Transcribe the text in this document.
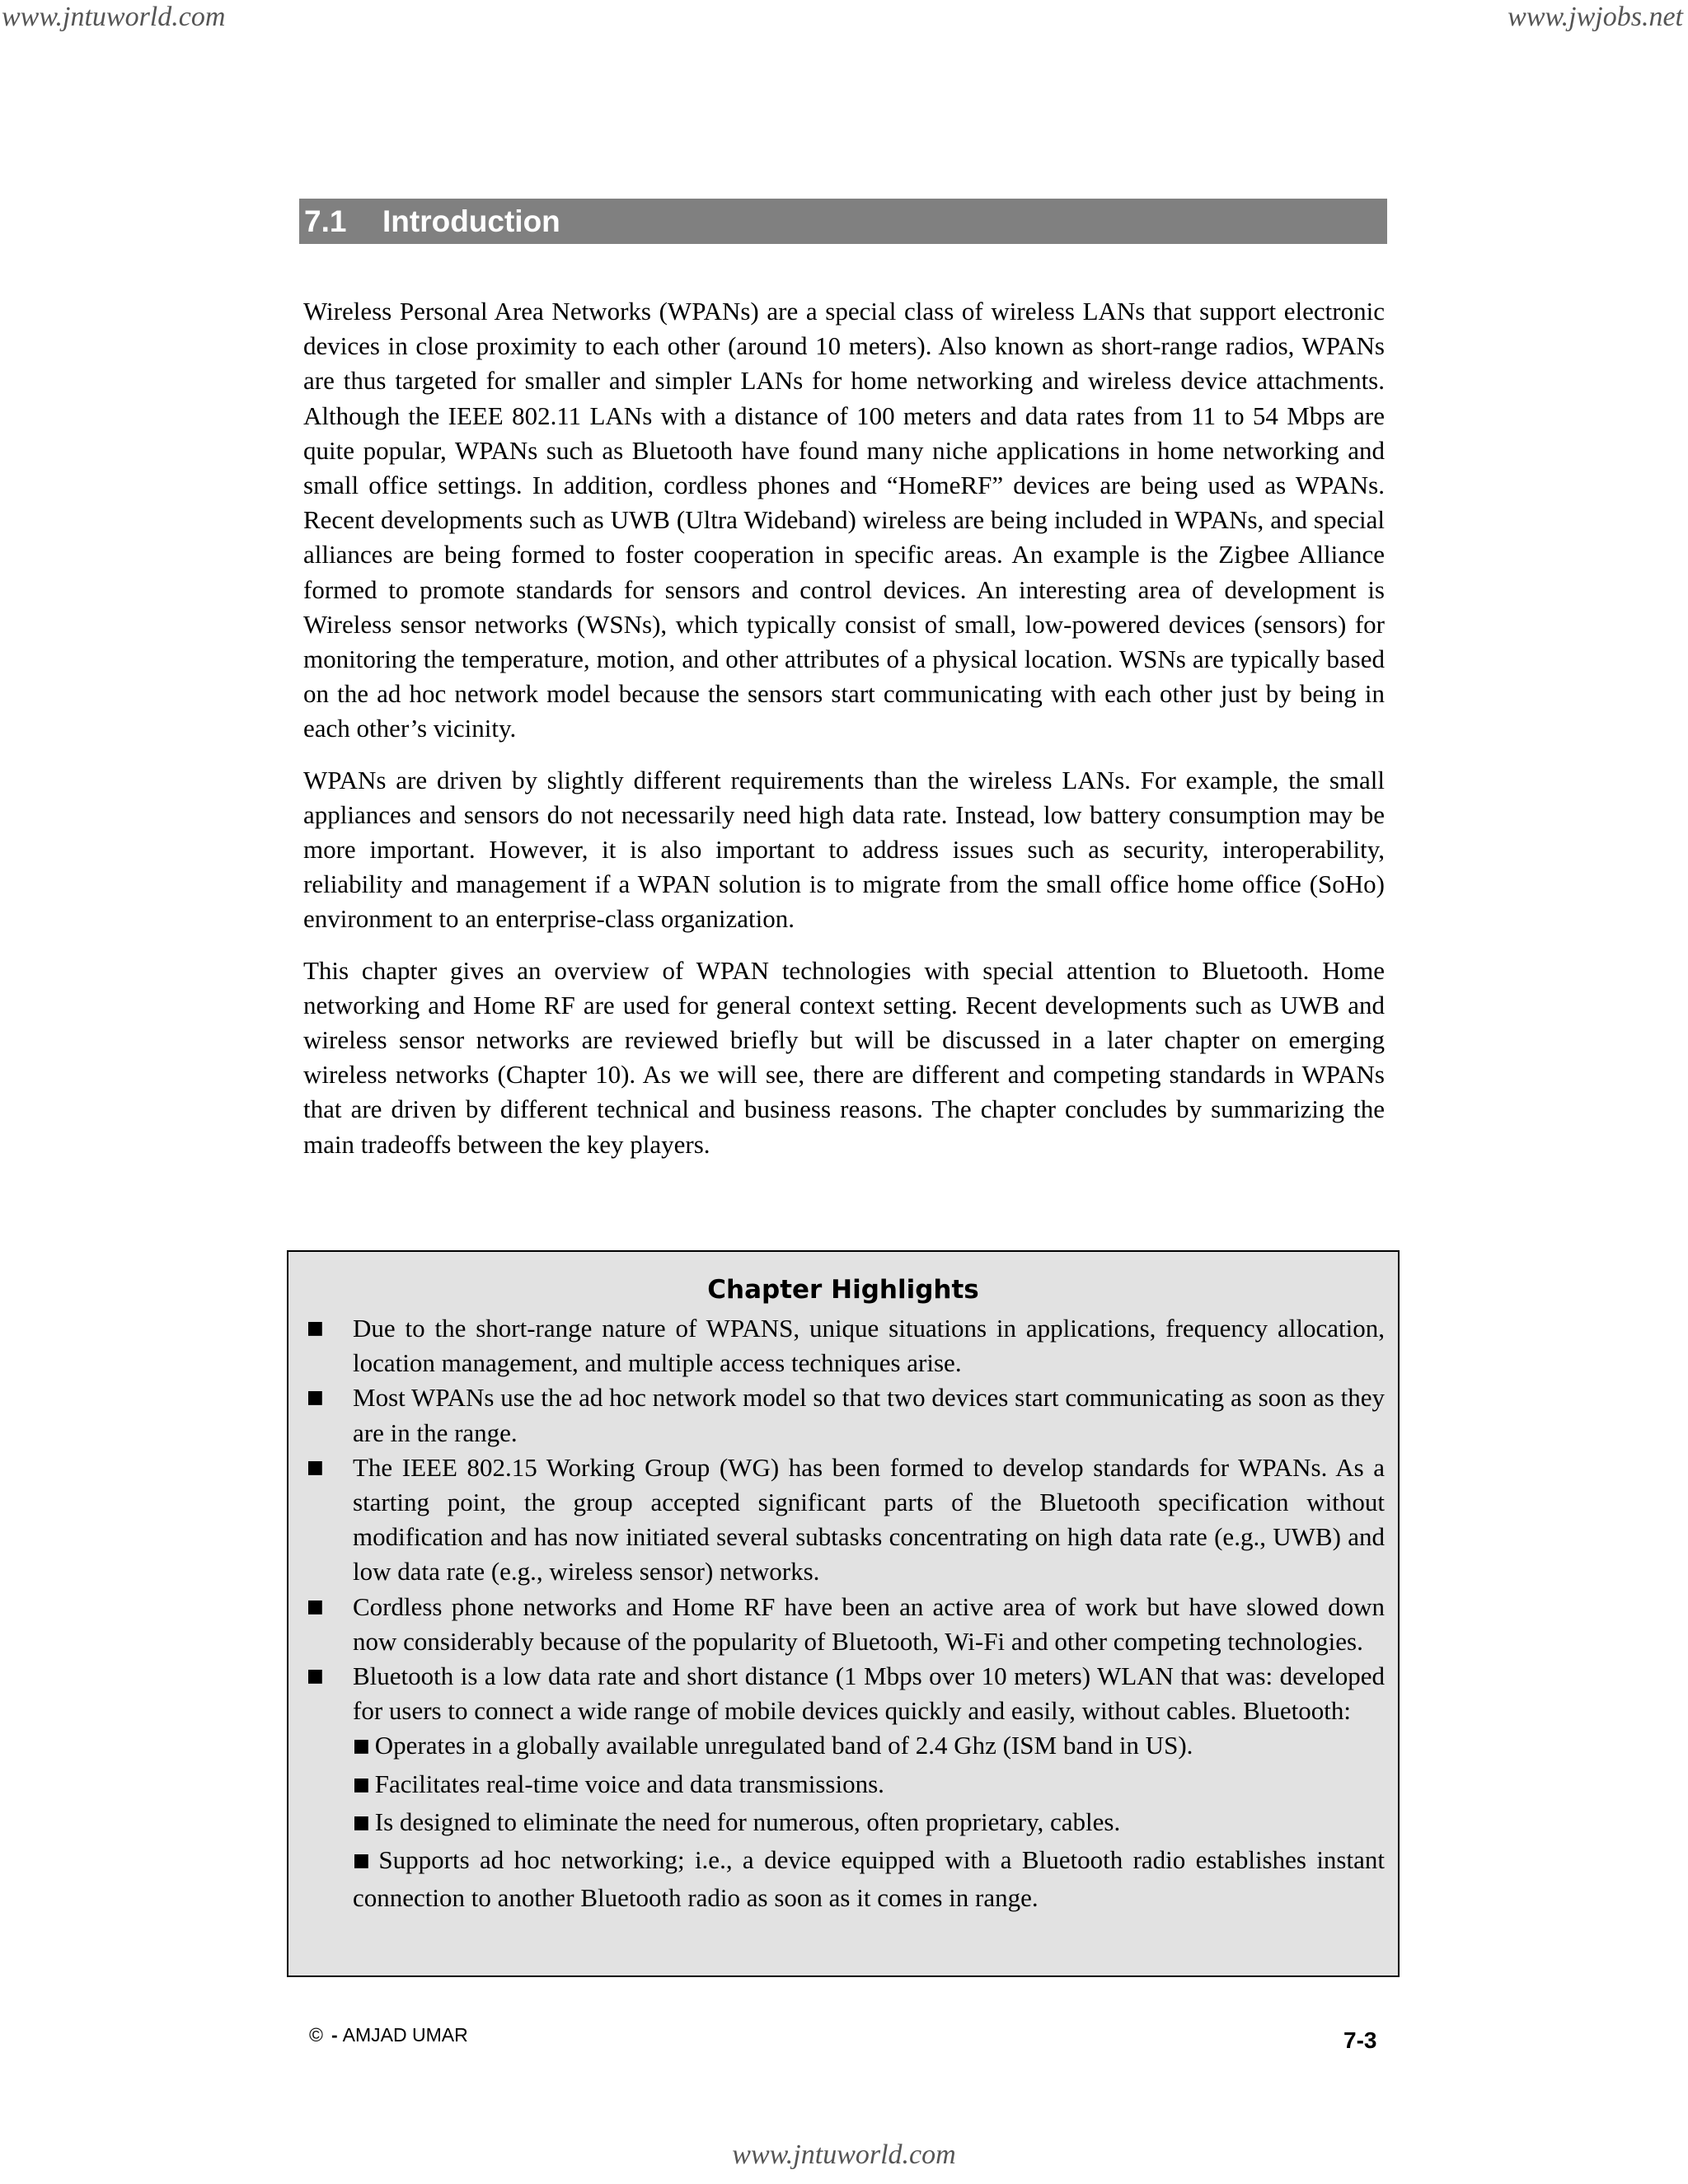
www.jntuworld.com	www.jwjobs.net
7.1 Introduction

Wireless Personal Area Networks (WPANs) are a special class of wireless LANs that support electronic devices in close proximity to each other (around 10 meters). Also known as short-range radios, WPANs are thus targeted for smaller and simpler LANs for home networking and wireless device attachments. Although the IEEE 802.11 LANs with a distance of 100 meters and data rates from 11 to 54 Mbps are quite popular, WPANs such as Bluetooth have found many niche applications in home networking and small office settings. In addition, cordless phones and “HomeRF” devices are being used as WPANs. Recent developments such as UWB (Ultra Wideband) wireless are being included in WPANs, and special alliances are being formed to foster cooperation in specific areas. An example is the Zigbee Alliance formed to promote standards for sensors and control devices. An interesting area of development is Wireless sensor networks (WSNs), which typically consist of small, low-powered devices (sensors) for monitoring the temperature, motion, and other attributes of a physical location. WSNs are typically based on the ad hoc network model because the sensors start communicating with each other just by being in each other’s vicinity.

WPANs are driven by slightly different requirements than the wireless LANs. For example, the small appliances and sensors do not necessarily need high data rate. Instead, low battery consumption may be more important. However, it is also important to address issues such as security, interoperability, reliability and management if a WPAN solution is to migrate from the small office home office (SoHo) environment to an enterprise-class organization.

This chapter gives an overview of WPAN technologies with special attention to Bluetooth. Home networking and Home RF are used for general context setting. Recent developments such as UWB and wireless sensor networks are reviewed briefly but will be discussed in a later chapter on emerging wireless networks (Chapter 10). As we will see, there are different and competing standards in WPANs that are driven by different technical and business reasons. The chapter concludes by summarizing the main tradeoffs between the key players.

Chapter Highlights
■ Due to the short-range nature of WPANS, unique situations in applications, frequency allocation, location management, and multiple access techniques arise.
■ Most WPANs use the ad hoc network model so that two devices start communicating as soon as they are in the range.
■ The IEEE 802.15 Working Group (WG) has been formed to develop standards for WPANs. As a starting point, the group accepted significant parts of the Bluetooth specification without modification and has now initiated several subtasks concentrating on high data rate (e.g., UWB) and low data rate (e.g., wireless sensor) networks.
■ Cordless phone networks and Home RF have been an active area of work but have slowed down now considerably because of the popularity of Bluetooth, Wi-Fi and other competing technologies.
■ Bluetooth is a low data rate and short distance (1 Mbps over 10 meters) WLAN that was: developed for users to connect a wide range of mobile devices quickly and easily, without cables. Bluetooth:
■ Operates in a globally available unregulated band of 2.4 Ghz (ISM band in US).
■ Facilitates real-time voice and data transmissions.
■ Is designed to eliminate the need for numerous, often proprietary, cables.
■ Supports ad hoc networking; i.e., a device equipped with a Bluetooth radio establishes instant connection to another Bluetooth radio as soon as it comes in range.
© - AMJAD UMAR	7-3
www.jntuworld.com
